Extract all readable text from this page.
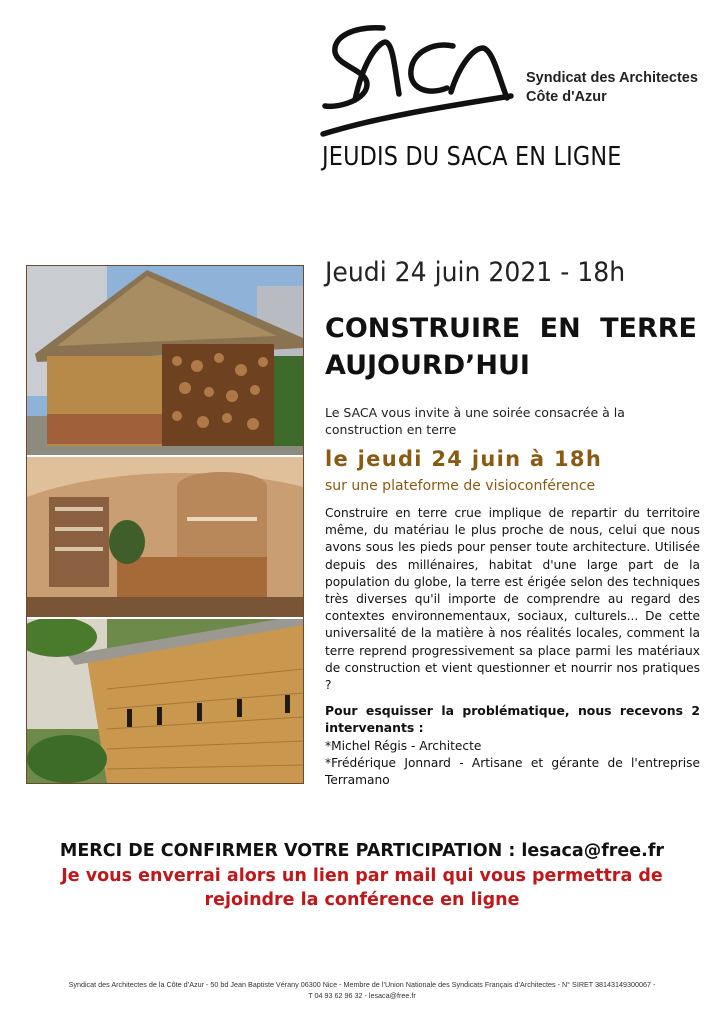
Syndicat des Architectes
Côte d'Azur
JEUDIS DU SACA EN LIGNE
Jeudi 24 juin 2021 - 18h
CONSTRUIRE EN TERRE
AUJOURD’HUI
Le SACA vous invite à une soirée consacrée à la construction en terre
le jeudi 24 juin à 18h
sur une plateforme de visioconférence
Construire en terre crue implique de repartir du territoire même, du matériau le plus proche de nous, celui que nous avons sous les pieds pour penser toute architecture. Utilisée depuis des millénaires, habitat d'une large part de la population du globe, la terre est érigée selon des techniques très diverses qu'il importe de comprendre au regard des contextes environnementaux, sociaux, culturels... De cette universalité de la matière à nos réalités locales, comment la terre reprend progressivement sa place parmi les matériaux de construction et vient questionner et nourrir nos pratiques ?
Pour esquisser la problématique, nous recevons 2 intervenants :
*Michel Régis - Architecte
*Frédérique Jonnard - Artisane et gérante de l'entreprise Terramano
MERCI DE CONFIRMER VOTRE PARTICIPATION : lesaca@free.fr
Je vous enverrai alors un lien par mail qui vous permettra de rejoindre la conférence en ligne
Syndicat des Architectes de la Côte d’Azur - 50 bd Jean Baptiste Vérany 06300 Nice - Membre de l’Union Nationale des Syndicats Français d’Architectes - N° SIRET 38143149300067 -
T 04 93 62 96 32 - lesaca@free.fr
